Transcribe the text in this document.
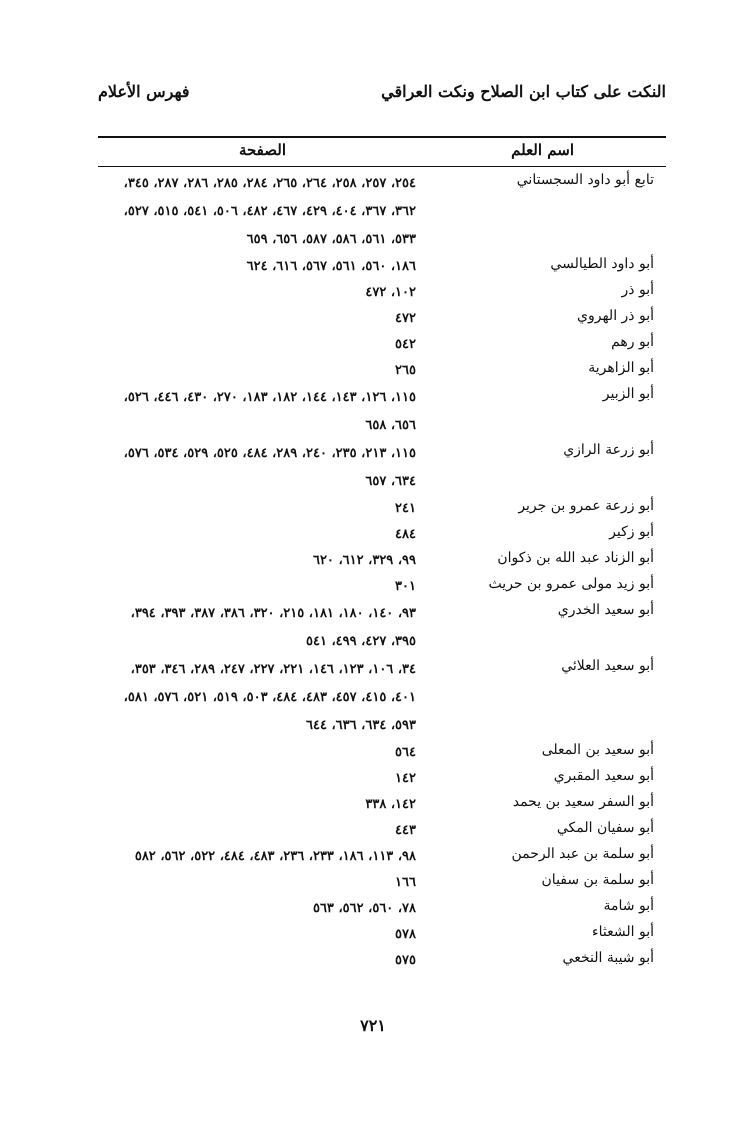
النكت على كتاب ابن الصلاح ونكت العراقي
فهرس الأعلام
اسم العلم
الصفحة
تابع أبو داود السجستاني
٢٥٤، ٢٥٧، ٢٥٨، ٢٦٤، ٢٦٥، ٢٨٤، ٢٨٥، ٢٨٦، ٢٨٧، ٣٤٥،
٣٦٢، ٣٦٧، ٤٠٤، ٤٢٩، ٤٦٧، ٤٨٢، ٥٠٦، ٥٤١، ٥١٥، ٥٢٧،
٥٣٣، ٥٦١، ٥٨٦، ٥٨٧، ٦٥٦، ٦٥٩
أبو داود الطيالسي
١٨٦، ٥٦٠، ٥٦١، ٥٦٧، ٦١٦، ٦٢٤
أبو ذر
١٠٢، ٤٧٢
أبو ذر الهروي
٤٧٢
أبو رهم
٥٤٢
أبو الزاهرية
٢٦٥
أبو الزبير
١١٥، ١٢٦، ١٤٣، ١٤٤، ١٨٢، ١٨٣، ٢٧٠، ٤٣٠، ٤٤٦، ٥٢٦،
٦٥٦، ٦٥٨
أبو زرعة الرازي
١١٥، ٢١٣، ٢٣٥، ٢٤٠، ٢٨٩، ٤٨٤، ٥٢٥، ٥٢٩، ٥٣٤، ٥٧٦،
٦٣٤، ٦٥٧
أبو زرعة عمرو بن جرير
٢٤١
أبو زكير
٤٨٤
أبو الزناد عبد الله بن ذكوان
٩٩، ٣٢٩، ٦١٢، ٦٢٠
أبو زيد مولى عمرو بن حريث
٣٠١
أبو سعيد الخدري
٩٣، ١٤٠، ١٨٠، ١٨١، ٢١٥، ٣٢٠، ٣٨٦، ٣٨٧، ٣٩٣، ٣٩٤،
٣٩٥، ٤٢٧، ٤٩٩، ٥٤١
أبو سعيد العلائي
٣٤، ١٠٦، ١٢٣، ١٤٦، ٢٢١، ٢٢٧، ٢٤٧، ٢٨٩، ٣٤٦، ٣٥٣،
٤٠١، ٤١٥، ٤٥٧، ٤٨٣، ٤٨٤، ٥٠٣، ٥١٩، ٥٢١، ٥٧٦، ٥٨١،
٥٩٣، ٦٣٤، ٦٣٦، ٦٤٤
أبو سعيد بن المعلى
٥٦٤
أبو سعيد المقبري
١٤٢
أبو السفر سعيد بن يحمد
١٤٢، ٣٣٨
أبو سفيان المكي
٤٤٣
أبو سلمة بن عبد الرحمن
٩٨، ١١٣، ١٨٦، ٢٣٣، ٢٣٦، ٤٨٣، ٤٨٤، ٥٢٢، ٥٦٢، ٥٨٢
أبو سلمة بن سفيان
١٦٦
أبو شامة
٧٨، ٥٦٠، ٥٦٢، ٥٦٣
أبو الشعثاء
٥٧٨
أبو شيبة النخعي
٥٧٥
٧٢١
